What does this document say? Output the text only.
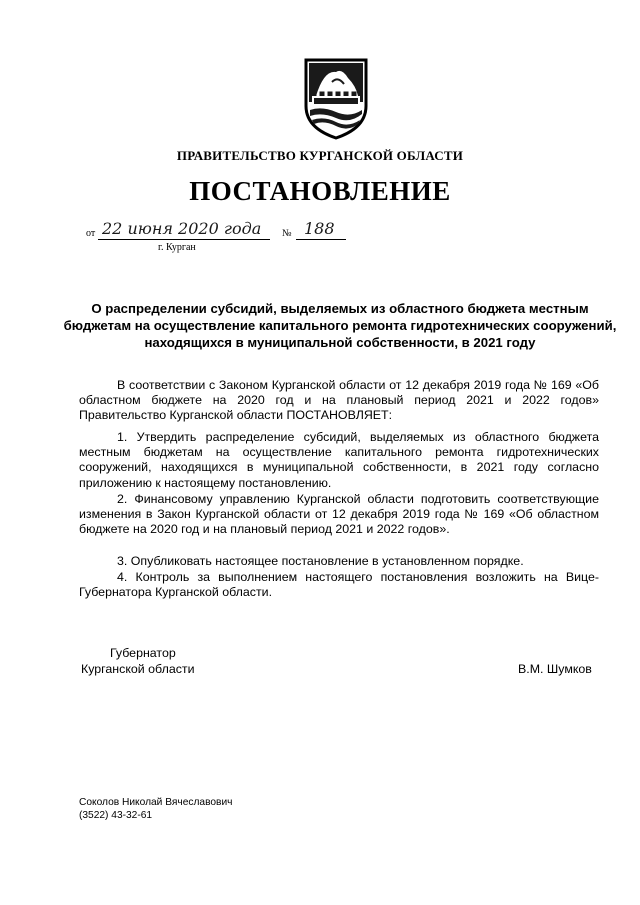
ПРАВИТЕЛЬСТВО КУРГАНСКОЙ ОБЛАСТИ
ПОСТАНОВЛЕНИЕ
от 22 июня 2020 года № 188
г. Курган
О распределении субсидий, выделяемых из областного бюджета местным бюджетам на осуществление капитального ремонта гидротехнических сооружений, находящихся в муниципальной собственности, в 2021 году
В соответствии с Законом Курганской области от 12 декабря 2019 года № 169 «Об областном бюджете на 2020 год и на плановый период 2021 и 2022 годов» Правительство Курганской области ПОСТАНОВЛЯЕТ:
1. Утвердить распределение субсидий, выделяемых из областного бюджета местным бюджетам на осуществление капитального ремонта гидротехнических сооружений, находящихся в муниципальной собственности, в 2021 году согласно приложению к настоящему постановлению.
2. Финансовому управлению Курганской области подготовить соответствующие изменения в Закон Курганской области от 12 декабря 2019 года № 169 «Об областном бюджете на 2020 год и на плановый период 2021 и 2022 годов».
3. Опубликовать настоящее постановление в установленном порядке.
4. Контроль за выполнением настоящего постановления возложить на Вице-Губернатора Курганской области.
Губернатор
Курганской области	В.М. Шумков
Соколов Николай Вячеславович
(3522) 43-32-61
